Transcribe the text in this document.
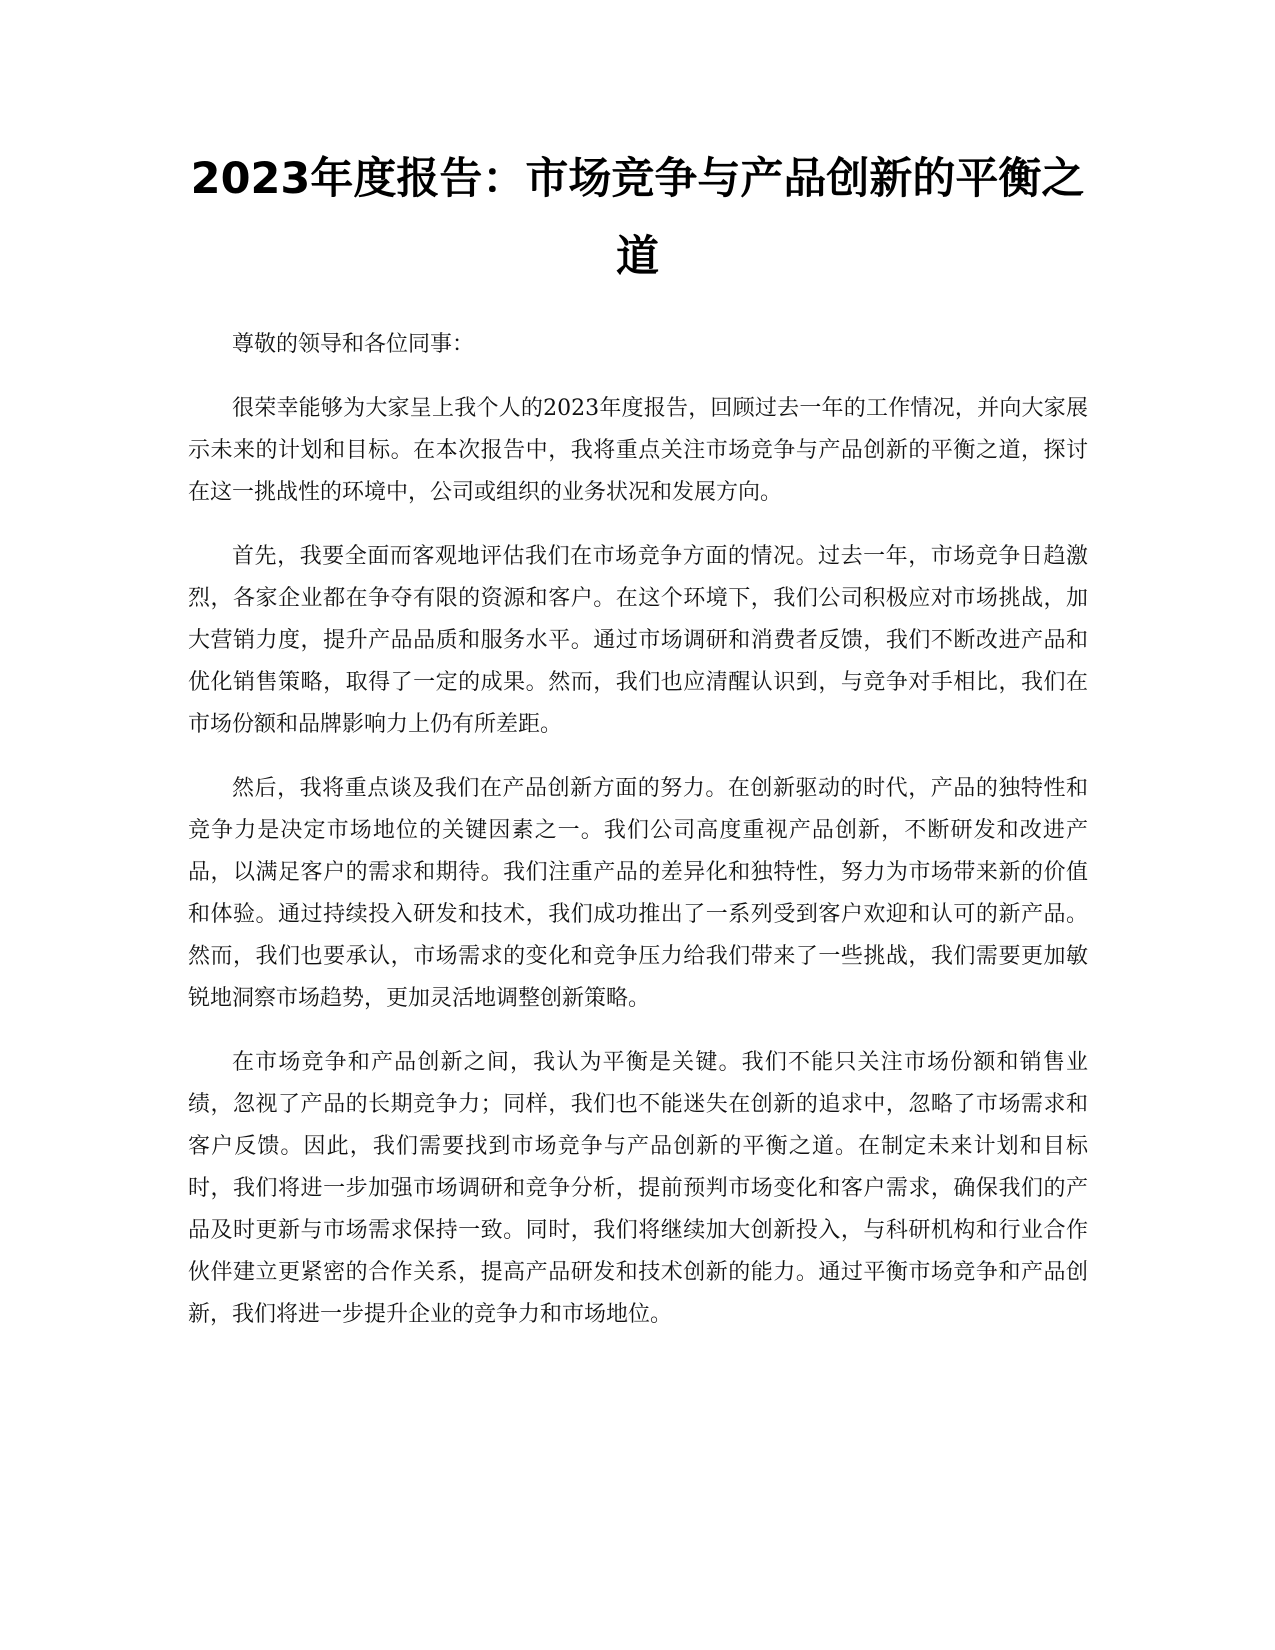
2023年度报告：市场竞争与产品创新的平衡之道

尊敬的领导和各位同事：

很荣幸能够为大家呈上我个人的2023年度报告，回顾过去一年的工作情况，并向大家展示未来的计划和目标。在本次报告中，我将重点关注市场竞争与产品创新的平衡之道，探讨在这一挑战性的环境中，公司或组织的业务状况和发展方向。

首先，我要全面而客观地评估我们在市场竞争方面的情况。过去一年，市场竞争日趋激烈，各家企业都在争夺有限的资源和客户。在这个环境下，我们公司积极应对市场挑战，加大营销力度，提升产品品质和服务水平。通过市场调研和消费者反馈，我们不断改进产品和优化销售策略，取得了一定的成果。然而，我们也应清醒认识到，与竞争对手相比，我们在市场份额和品牌影响力上仍有所差距。

然后，我将重点谈及我们在产品创新方面的努力。在创新驱动的时代，产品的独特性和竞争力是决定市场地位的关键因素之一。我们公司高度重视产品创新，不断研发和改进产品，以满足客户的需求和期待。我们注重产品的差异化和独特性，努力为市场带来新的价值和体验。通过持续投入研发和技术，我们成功推出了一系列受到客户欢迎和认可的新产品。然而，我们也要承认，市场需求的变化和竞争压力给我们带来了一些挑战，我们需要更加敏锐地洞察市场趋势，更加灵活地调整创新策略。

在市场竞争和产品创新之间，我认为平衡是关键。我们不能只关注市场份额和销售业绩，忽视了产品的长期竞争力；同样，我们也不能迷失在创新的追求中，忽略了市场需求和客户反馈。因此，我们需要找到市场竞争与产品创新的平衡之道。在制定未来计划和目标时，我们将进一步加强市场调研和竞争分析，提前预判市场变化和客户需求，确保我们的产品及时更新与市场需求保持一致。同时，我们将继续加大创新投入，与科研机构和行业合作伙伴建立更紧密的合作关系，提高产品研发和技术创新的能力。通过平衡市场竞争和产品创新，我们将进一步提升企业的竞争力和市场地位。
